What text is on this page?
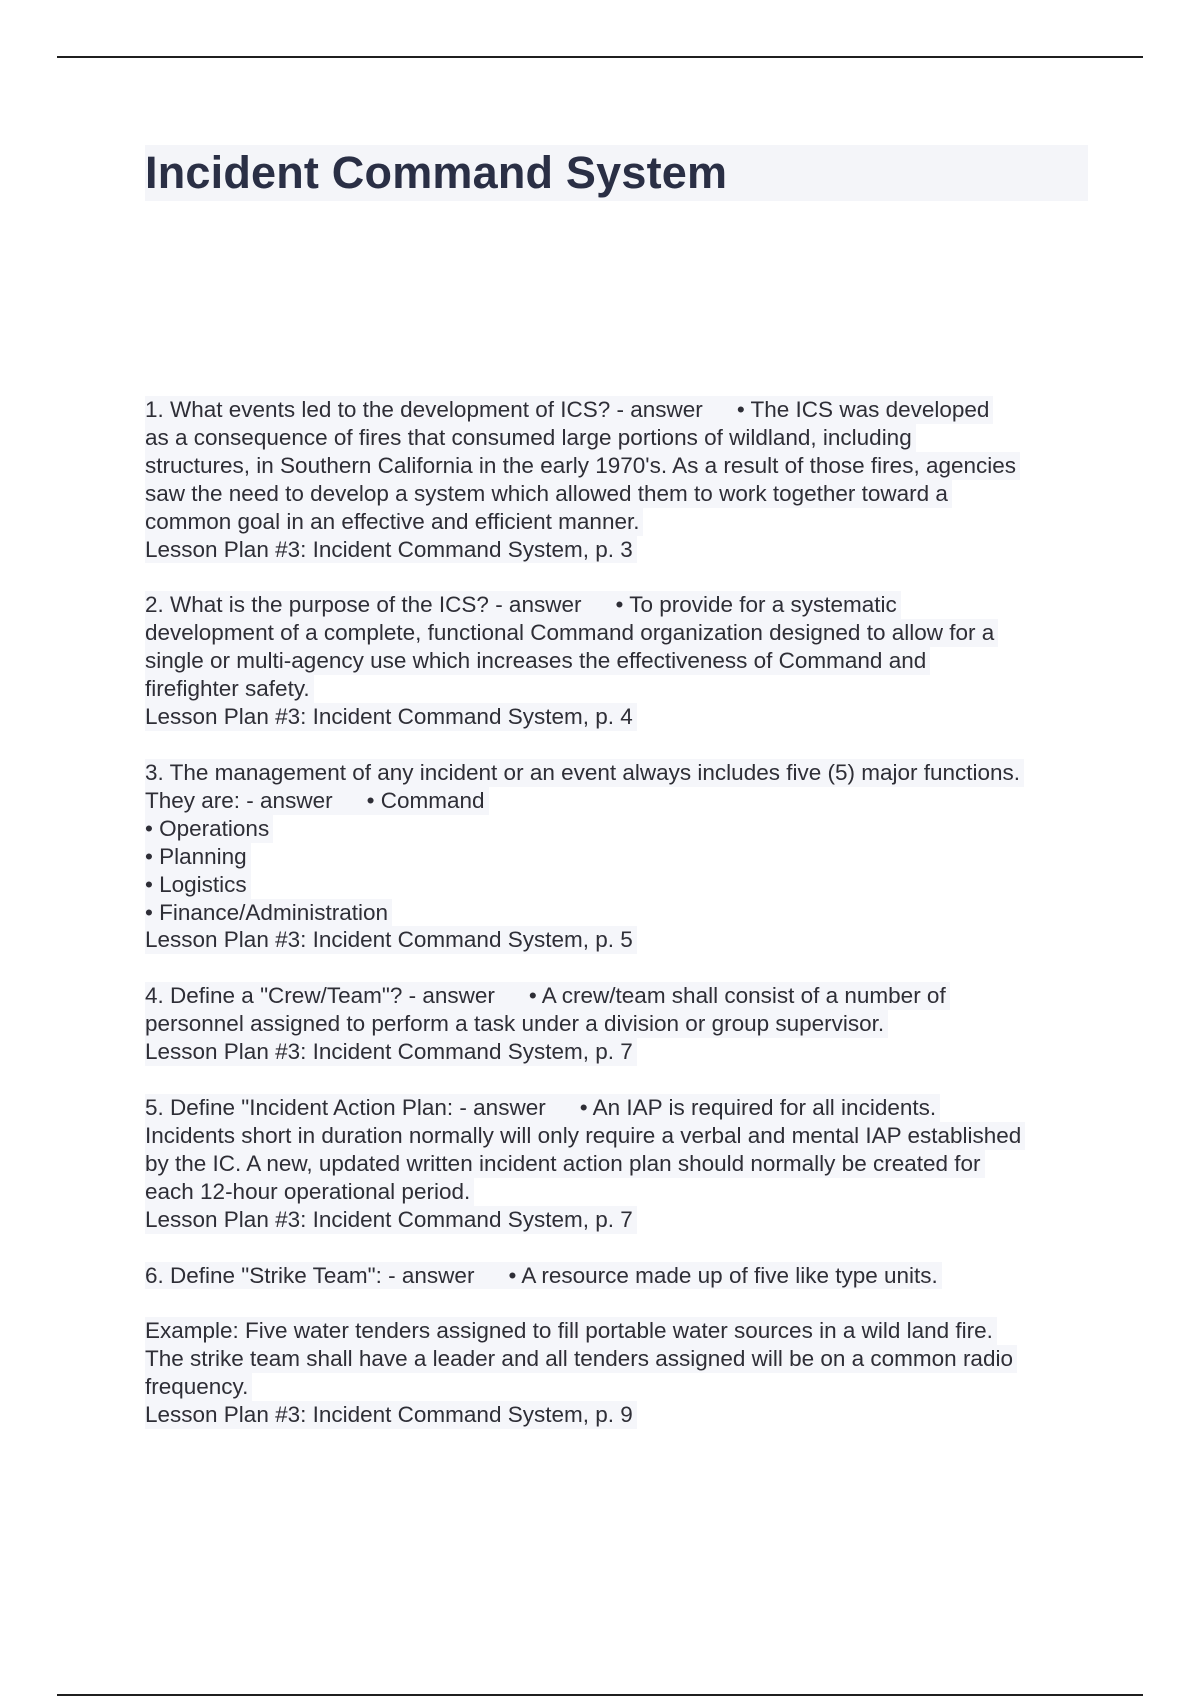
Incident Command System
1. What events led to the development of ICS? - answer • The ICS was developed
as a consequence of fires that consumed large portions of wildland, including
structures, in Southern California in the early 1970's. As a result of those fires, agencies
saw the need to develop a system which allowed them to work together toward a
common goal in an effective and efficient manner.
Lesson Plan #3: Incident Command System, p. 3
2. What is the purpose of the ICS? - answer • To provide for a systematic
development of a complete, functional Command organization designed to allow for a
single or multi-agency use which increases the effectiveness of Command and
firefighter safety.
Lesson Plan #3: Incident Command System, p. 4
3. The management of any incident or an event always includes five (5) major functions.
They are: - answer • Command
• Operations
• Planning
• Logistics
• Finance/Administration
Lesson Plan #3: Incident Command System, p. 5
4. Define a "Crew/Team"? - answer • A crew/team shall consist of a number of
personnel assigned to perform a task under a division or group supervisor.
Lesson Plan #3: Incident Command System, p. 7
5. Define "Incident Action Plan: - answer • An IAP is required for all incidents.
Incidents short in duration normally will only require a verbal and mental IAP established
by the IC. A new, updated written incident action plan should normally be created for
each 12-hour operational period.
Lesson Plan #3: Incident Command System, p. 7
6. Define "Strike Team": - answer • A resource made up of five like type units.
Example: Five water tenders assigned to fill portable water sources in a wild land fire.
The strike team shall have a leader and all tenders assigned will be on a common radio
frequency.
Lesson Plan #3: Incident Command System, p. 9
